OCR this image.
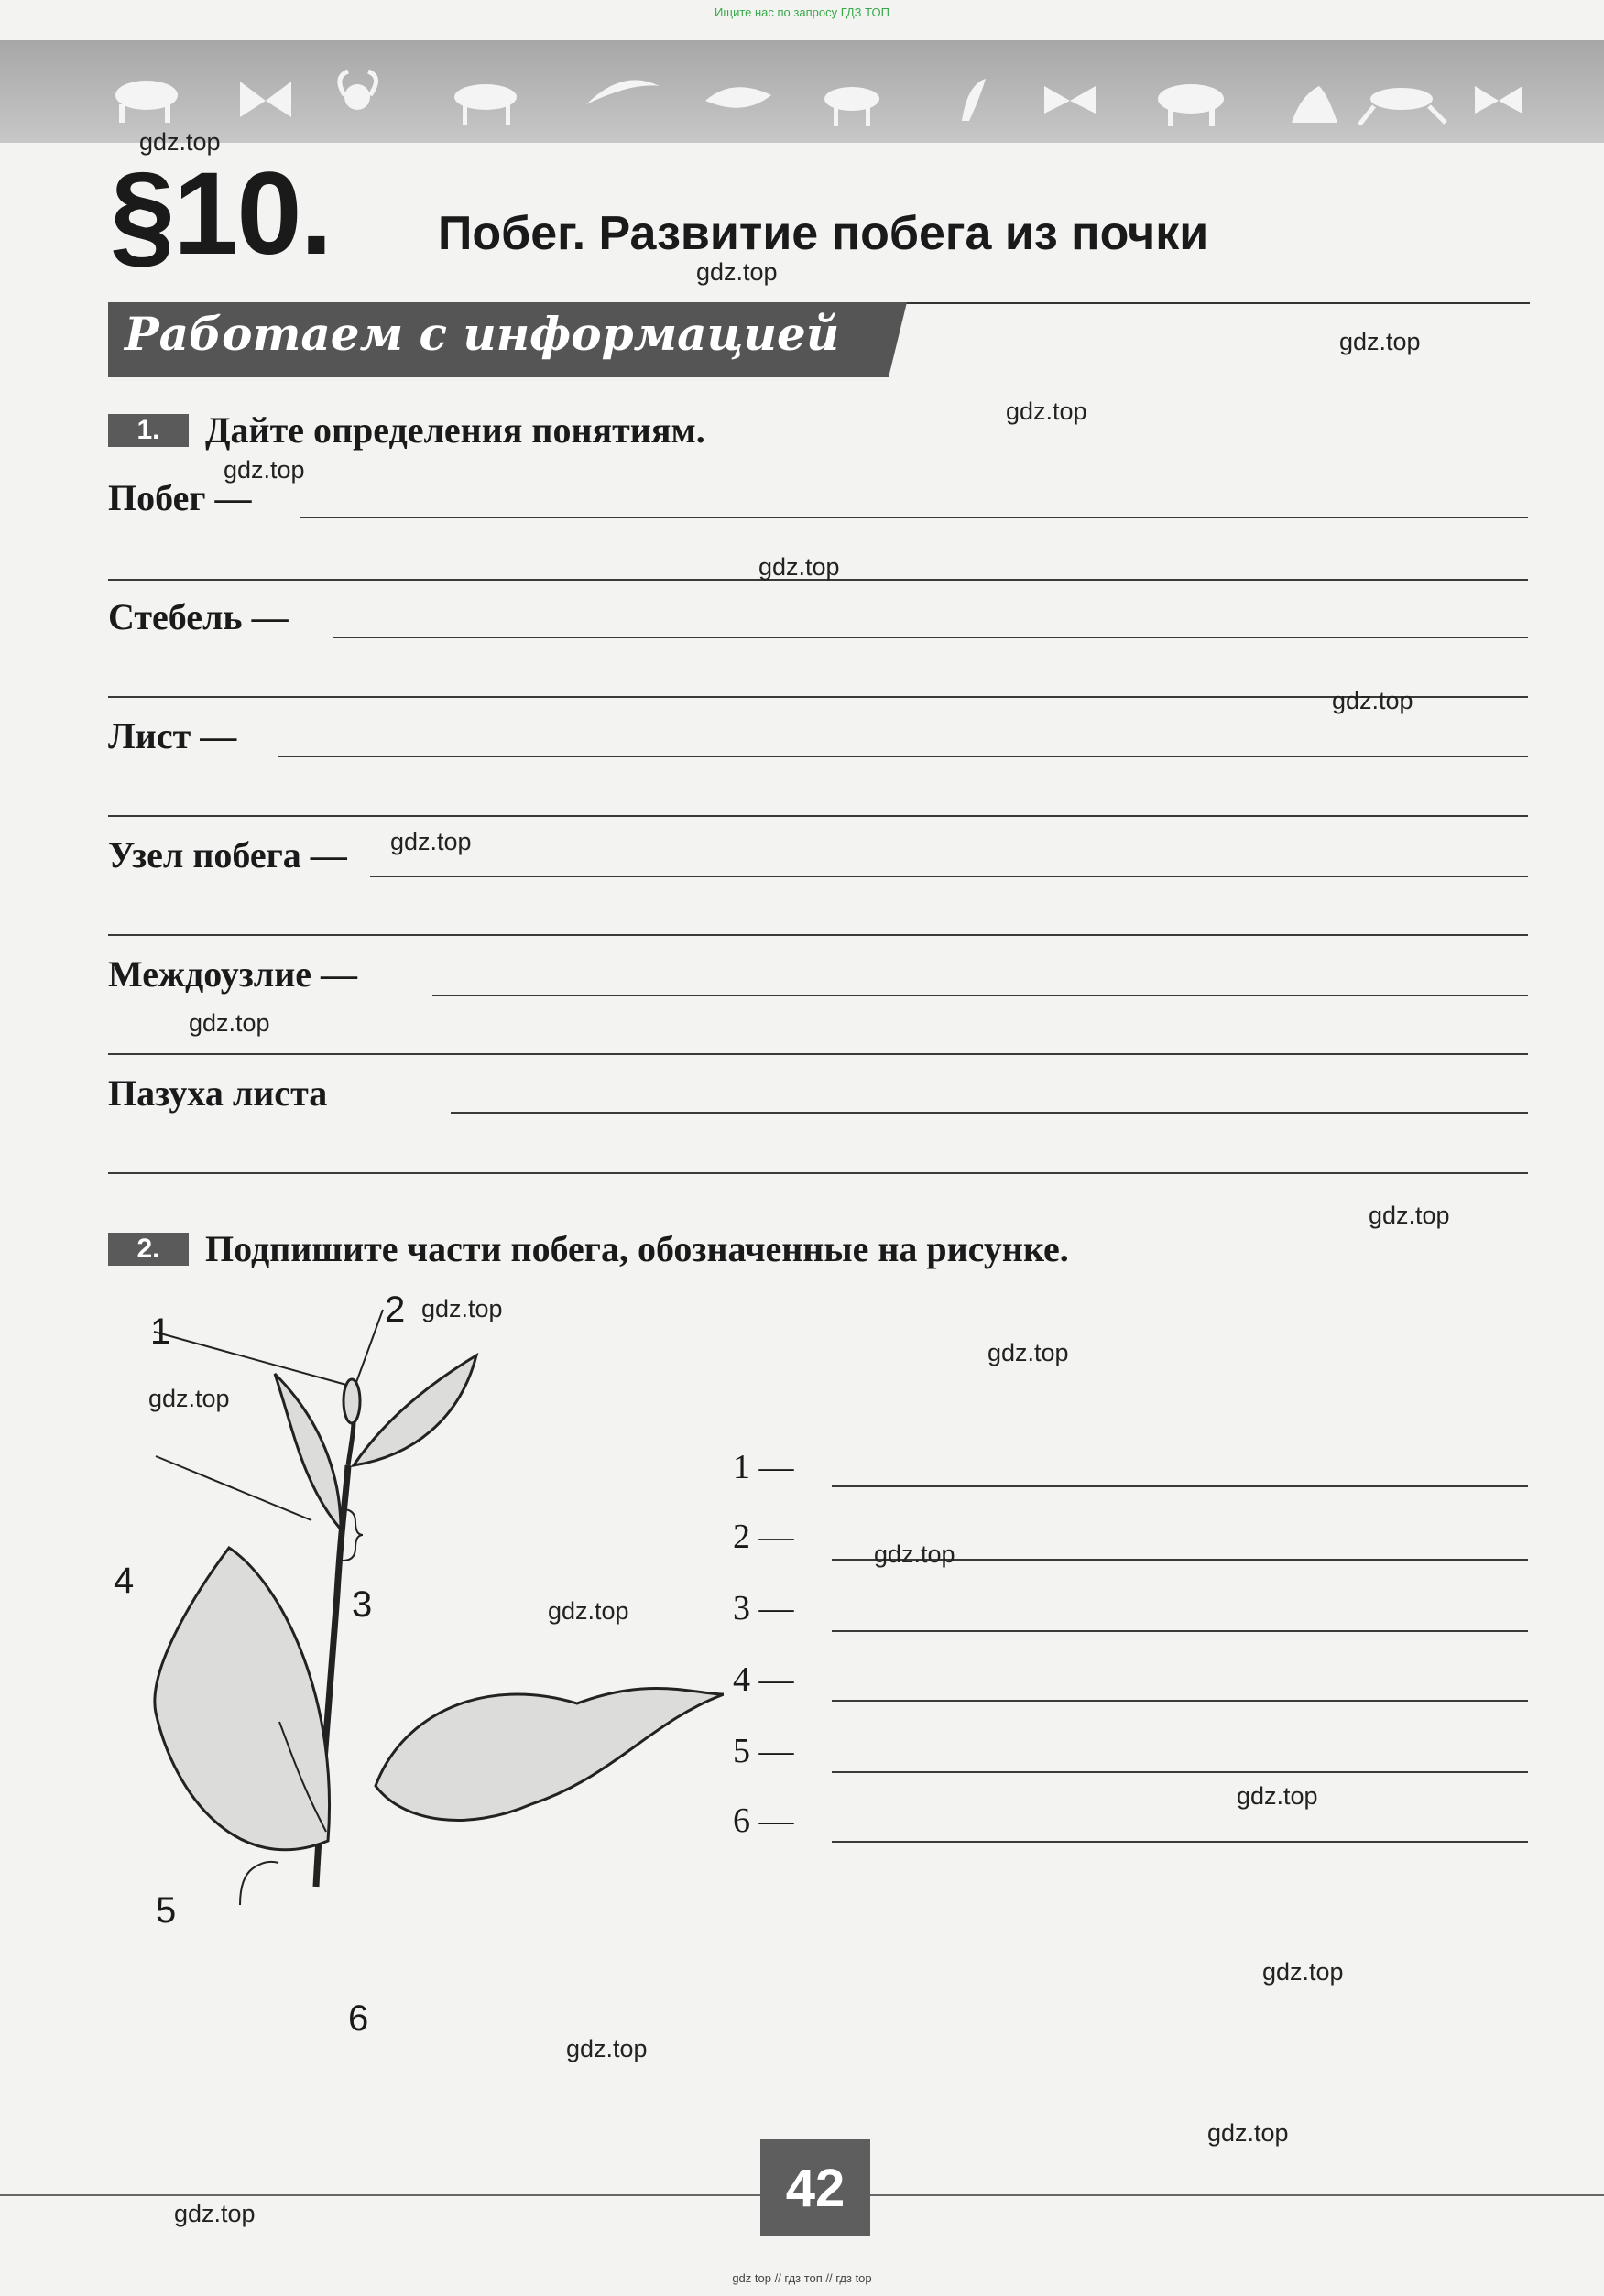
Ищите нас по запросу ГДЗ ТОП
§10. Побег. Развитие побега из почки
Работаем с информацией
1.	Дайте определения понятиям.
Побег —
Стебель —
Лист —
Узел побега —
Междоузлие —
Пазуха листа
2.	Подпишите части побега, обозначенные на рисунке.
1
2
3
4
5
6
1 —
2 —
3 —
4 —
5 —
6 —
gdz.top
gdz.top
gdz.top
gdz.top
gdz.top
gdz.top
gdz.top
gdz.top
gdz.top
gdz.top
gdz.top
gdz.top
gdz.top
gdz.top
gdz.top
gdz.top
gdz.top
gdz.top
gdz.top
gdz.top	42
gdz top // гдз топ // гдз top
